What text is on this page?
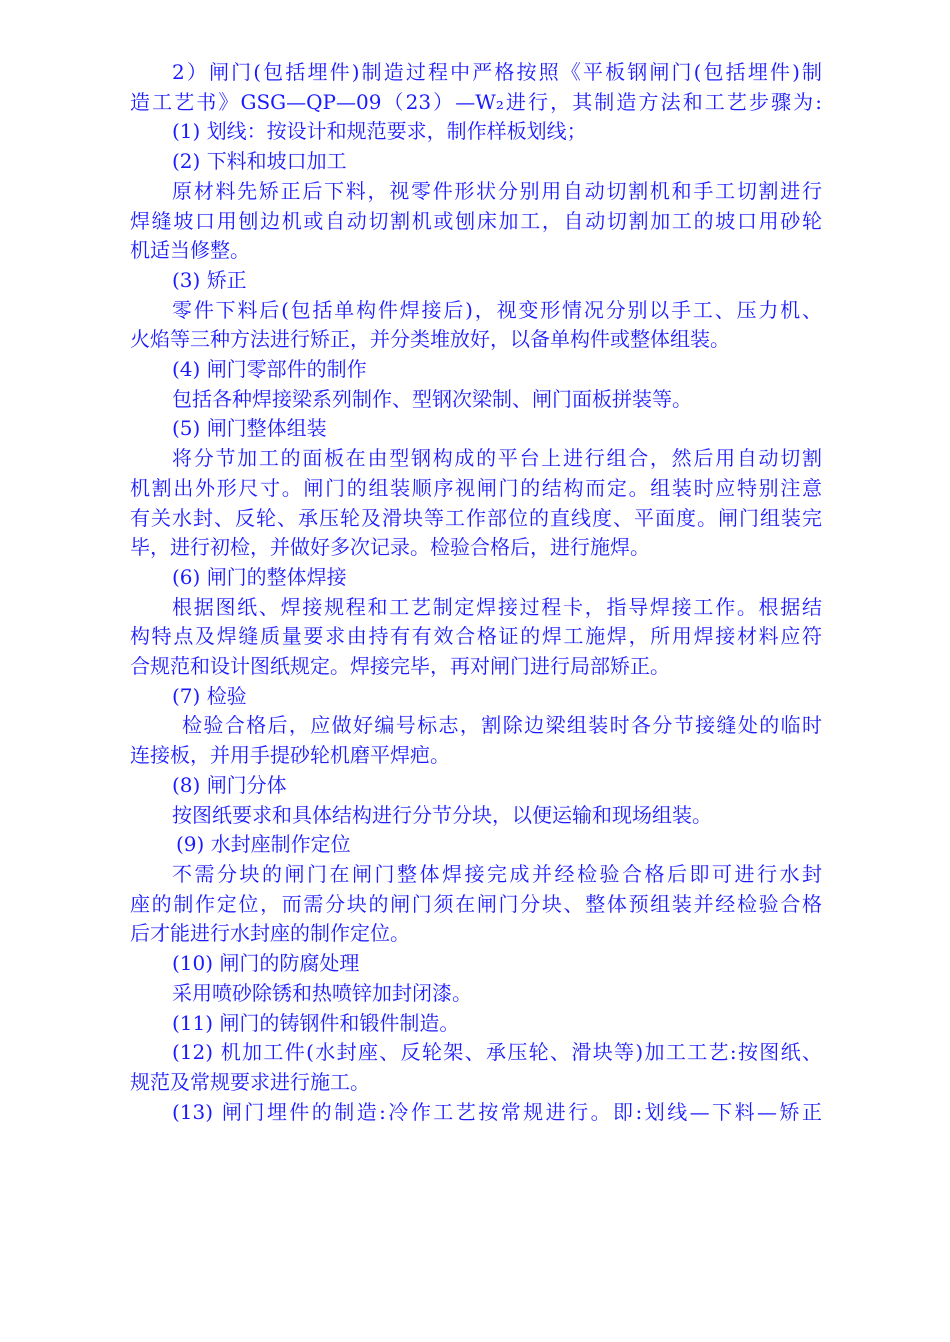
2）闸门(包括埋件)制造过程中严格按照《平板钢闸门(包括埋件)制
造工艺书》GSG—QP—09（23）—W₂进行，其制造方法和工艺步骤为:
(1) 划线：按设计和规范要求，制作样板划线；
(2) 下料和坡口加工
原材料先矫正后下料，视零件形状分别用自动切割机和手工切割进行
焊缝坡口用刨边机或自动切割机或刨床加工，自动切割加工的坡口用砂轮
机适当修整。
(3) 矫正
零件下料后(包括单构件焊接后)，视变形情况分别以手工、压力机、
火焰等三种方法进行矫正，并分类堆放好，以备单构件或整体组装。
(4) 闸门零部件的制作
包括各种焊接梁系列制作、型钢次梁制、闸门面板拼装等。
(5) 闸门整体组装
将分节加工的面板在由型钢构成的平台上进行组合，然后用自动切割
机割出外形尺寸。闸门的组装顺序视闸门的结构而定。组装时应特别注意
有关水封、反轮、承压轮及滑块等工作部位的直线度、平面度。闸门组装完
毕，进行初检，并做好多次记录。检验合格后，进行施焊。
(6) 闸门的整体焊接
根据图纸、焊接规程和工艺制定焊接过程卡，指导焊接工作。根据结
构特点及焊缝质量要求由持有有效合格证的焊工施焊，所用焊接材料应符
合规范和设计图纸规定。焊接完毕，再对闸门进行局部矫正。
(7) 检验
检验合格后，应做好编号标志，割除边梁组装时各分节接缝处的临时
连接板，并用手提砂轮机磨平焊疤。
(8) 闸门分体
按图纸要求和具体结构进行分节分块，以便运输和现场组装。
(9) 水封座制作定位
不需分块的闸门在闸门整体焊接完成并经检验合格后即可进行水封
座的制作定位，而需分块的闸门须在闸门分块、整体预组装并经检验合格
后才能进行水封座的制作定位。
(10) 闸门的防腐处理
采用喷砂除锈和热喷锌加封闭漆。
(11) 闸门的铸钢件和锻件制造。
(12) 机加工件(水封座、反轮架、承压轮、滑块等)加工工艺:按图纸、
规范及常规要求进行施工。
(13) 闸门埋件的制造:冷作工艺按常规进行。即:划线—下料—矫正
